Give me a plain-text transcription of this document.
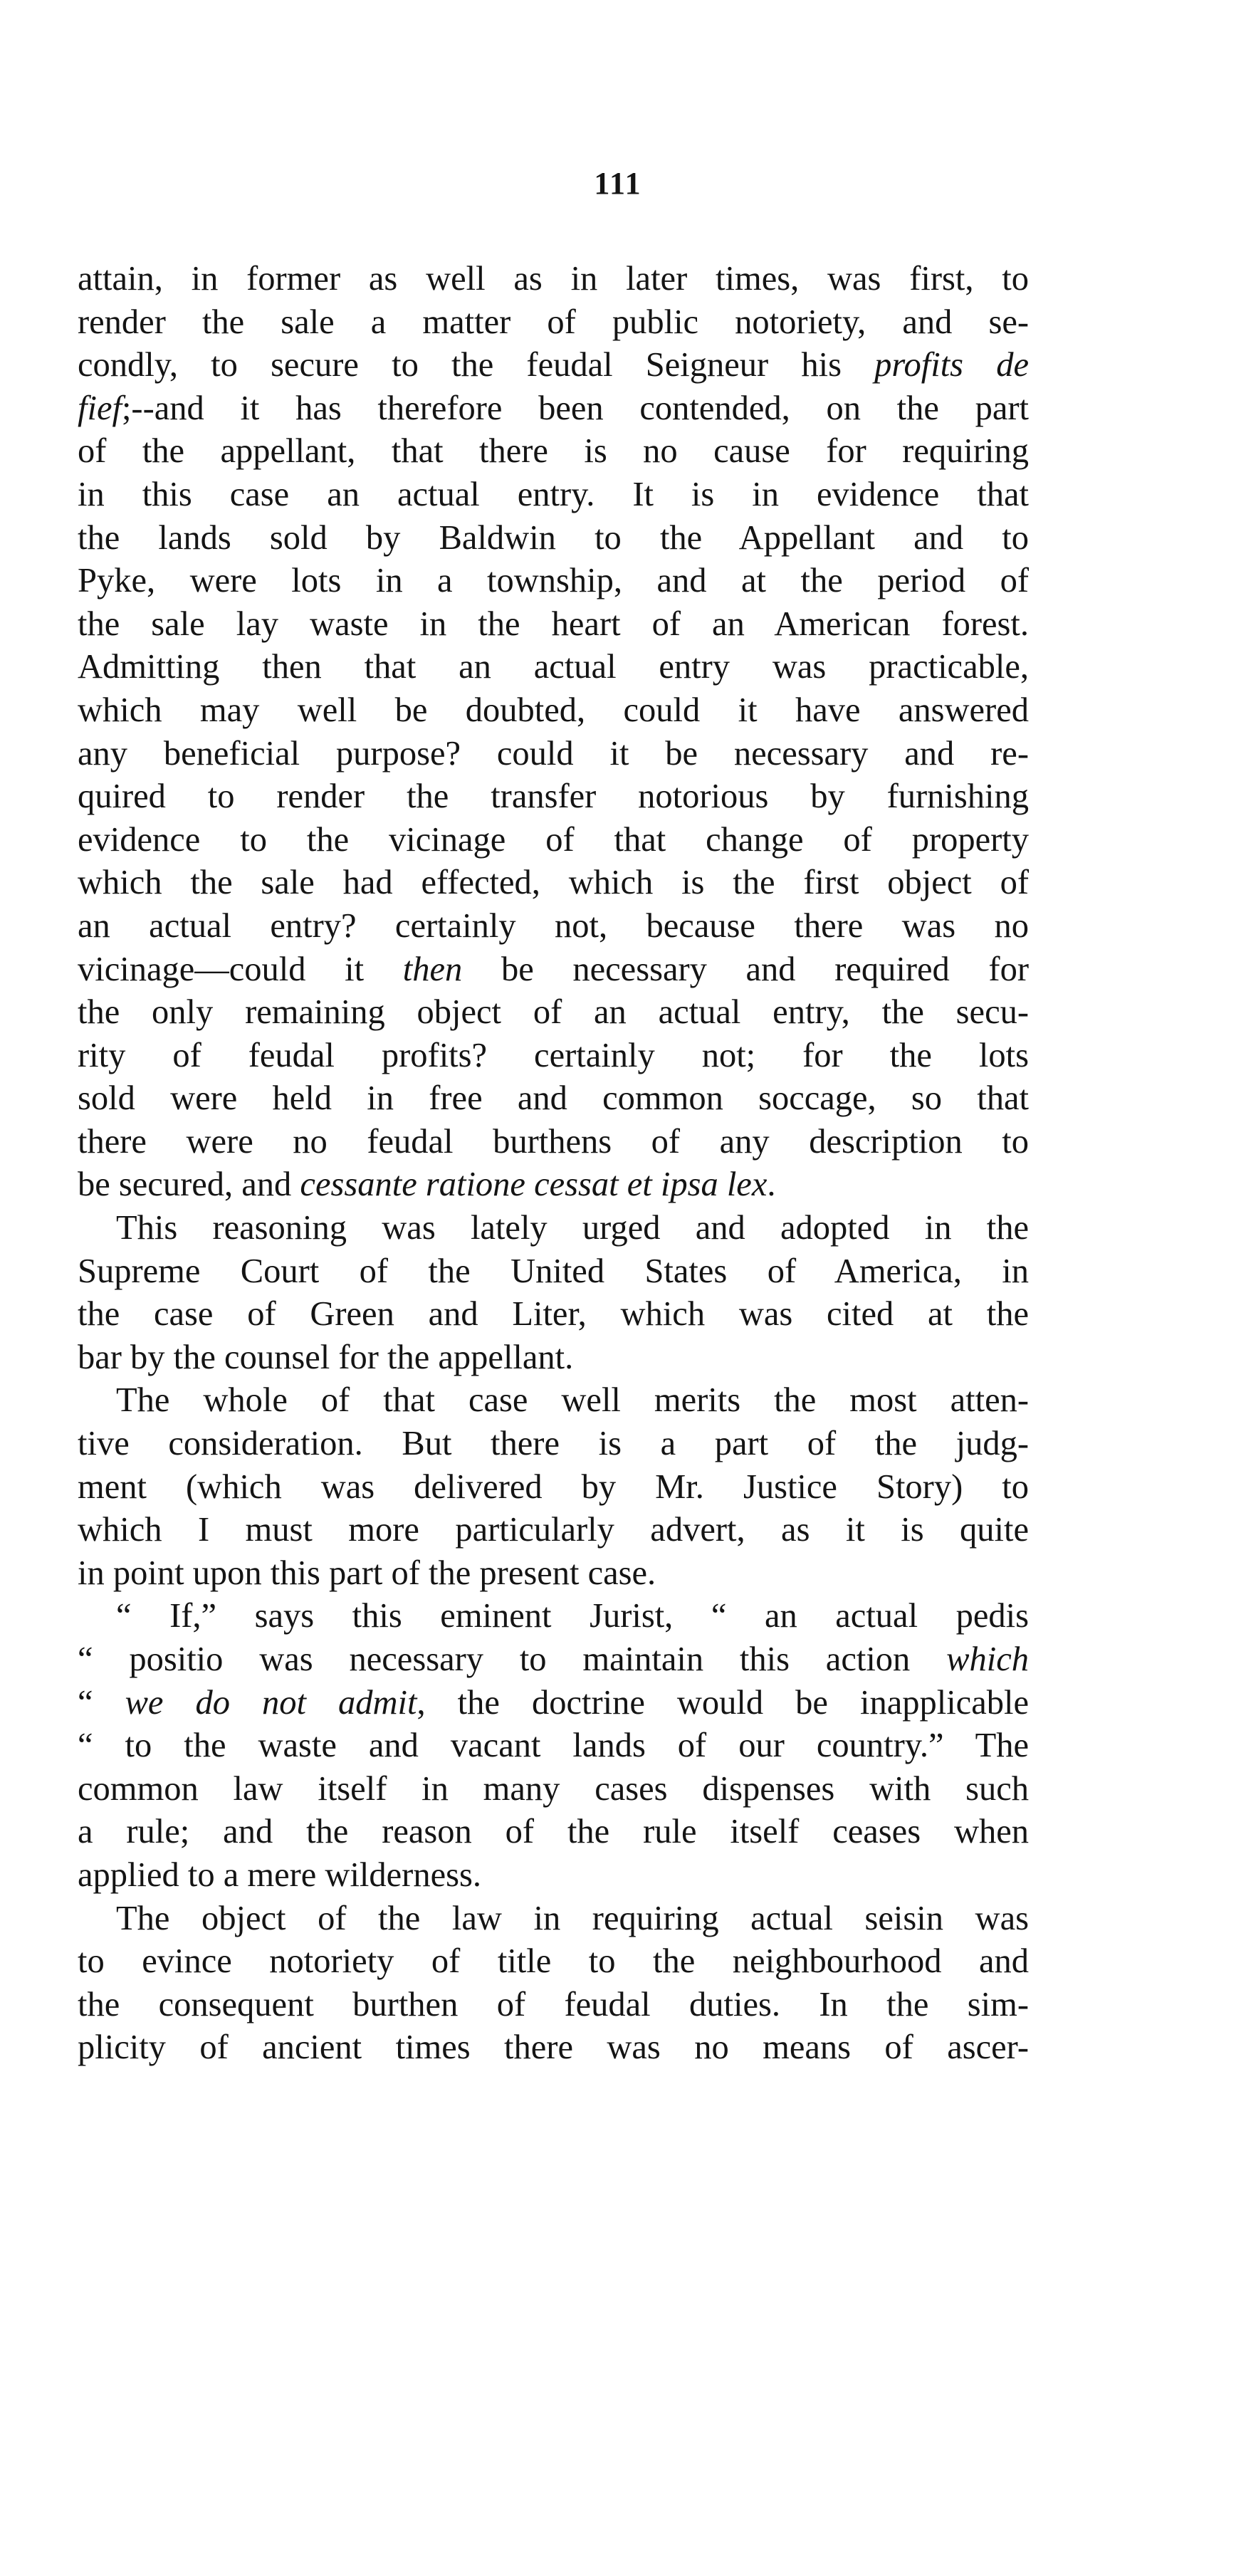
111
attain, in former as well as in later times, was first, to
render the sale a matter of public notoriety, and se-
condly, to secure to the feudal Seigneur his profits de
fief;--and it has therefore been contended, on the part
of the appellant, that there is no cause for requiring
in this case an actual entry. It is in evidence that
the lands sold by Baldwin to the Appellant and to
Pyke, were lots in a township, and at the period of
the sale lay waste in the heart of an American forest.
Admitting then that an actual entry was practicable,
which may well be doubted, could it have answered
any beneficial purpose? could it be necessary and re-
quired to render the transfer notorious by furnishing
evidence to the vicinage of that change of property
which the sale had effected, which is the first object of
an actual entry? certainly not, because there was no
vicinage—could it then be necessary and required for
the only remaining object of an actual entry, the secu-
rity of feudal profits? certainly not; for the lots
sold were held in free and common soccage, so that
there were no feudal burthens of any description to
be secured, and cessante ratione cessat et ipsa lex.
This reasoning was lately urged and adopted in the
Supreme Court of the United States of America, in
the case of Green and Liter, which was cited at the
bar by the counsel for the appellant.
The whole of that case well merits the most atten-
tive consideration. But there is a part of the judg-
ment (which was delivered by Mr. Justice Story) to
which I must more particularly advert, as it is quite
in point upon this part of the present case.
“ If,” says this eminent Jurist, “ an actual pedis
“ positio was necessary to maintain this action which
“ we do not admit, the doctrine would be inapplicable
“ to the waste and vacant lands of our country.” The
common law itself in many cases dispenses with such
a rule; and the reason of the rule itself ceases when
applied to a mere wilderness.
The object of the law in requiring actual seisin was
to evince notoriety of title to the neighbourhood and
the consequent burthen of feudal duties. In the sim-
plicity of ancient times there was no means of ascer-
